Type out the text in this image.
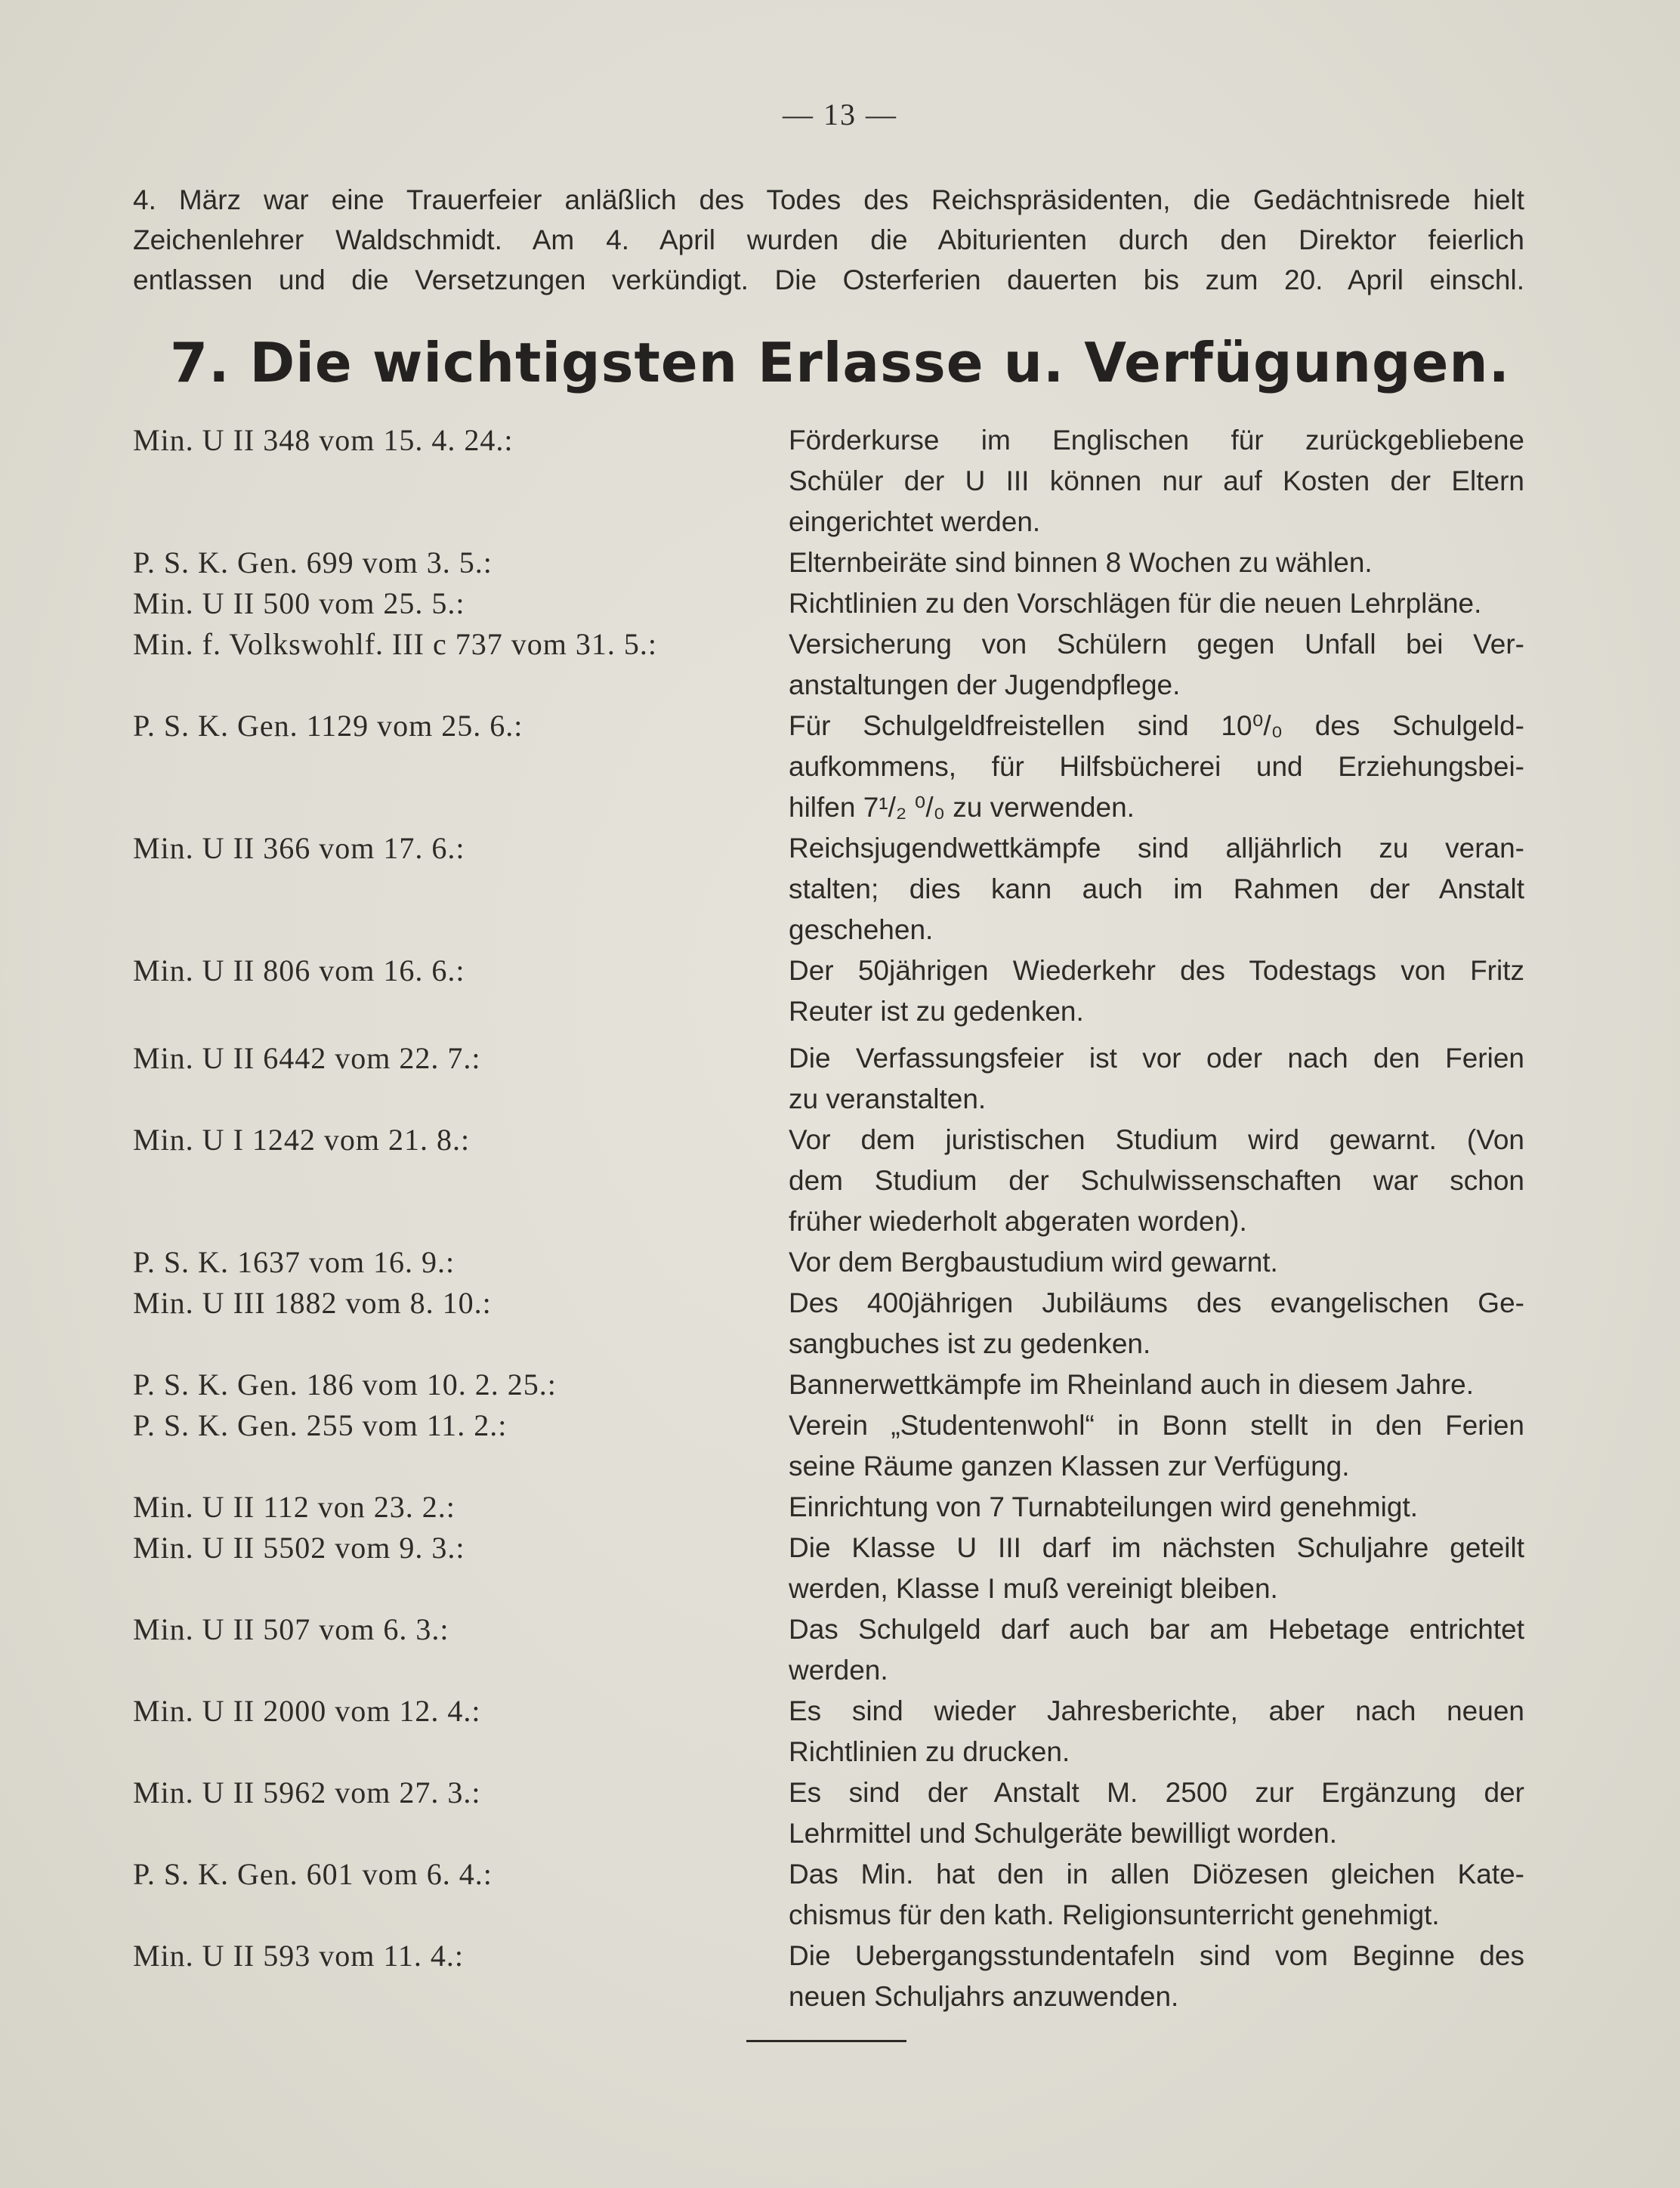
— 13 —
4. März war eine Trauerfeier anläßlich des Todes des Reichspräsidenten, die Gedächtnisrede hielt
Zeichenlehrer Waldschmidt. Am 4. April wurden die Abiturienten durch den Direktor feierlich
entlassen und die Versetzungen verkündigt. Die Osterferien dauerten bis zum 20. April einschl.
7. Die wichtigsten Erlasse u. Verfügungen.
Min. U II 348 vom 15. 4. 24.:	Förderkurse im Englischen für zurückgebliebene
Schüler der U III können nur auf Kosten der Eltern
eingerichtet werden.
P. S. K. Gen. 699 vom 3. 5.:	Elternbeiräte sind binnen 8 Wochen zu wählen.
Min. U II 500 vom 25. 5.:	Richtlinien zu den Vorschlägen für die neuen Lehrpläne.
Min. f. Volkswohlf. III c 737 vom 31. 5.:	Versicherung von Schülern gegen Unfall bei Ver-
anstaltungen der Jugendpflege.
P. S. K. Gen. 1129 vom 25. 6.:	Für Schulgeldfreistellen sind 10⁰/₀ des Schulgeld-
aufkommens, für Hilfsbücherei und Erziehungsbei-
hilfen 7¹/₂ ⁰/₀ zu verwenden.
Min. U II 366 vom 17. 6.:	Reichsjugendwettkämpfe sind alljährlich zu veran-
stalten; dies kann auch im Rahmen der Anstalt
geschehen.
Min. U II 806 vom 16. 6.:	Der 50jährigen Wiederkehr des Todestags von Fritz
Reuter ist zu gedenken.
Min. U II 6442 vom 22. 7.:	Die Verfassungsfeier ist vor oder nach den Ferien
zu veranstalten.
Min. U I 1242 vom 21. 8.:	Vor dem juristischen Studium wird gewarnt. (Von
dem Studium der Schulwissenschaften war schon
früher wiederholt abgeraten worden).
P. S. K. 1637 vom 16. 9.:	Vor dem Bergbaustudium wird gewarnt.
Min. U III 1882 vom 8. 10.:	Des 400jährigen Jubiläums des evangelischen Ge-
sangbuches ist zu gedenken.
P. S. K. Gen. 186 vom 10. 2. 25.:	Bannerwettkämpfe im Rheinland auch in diesem Jahre.
P. S. K. Gen. 255 vom 11. 2.:	Verein „Studentenwohl“ in Bonn stellt in den Ferien
seine Räume ganzen Klassen zur Verfügung.
Min. U II 112 von 23. 2.:	Einrichtung von 7 Turnabteilungen wird genehmigt.
Min. U II 5502 vom 9. 3.:	Die Klasse U III darf im nächsten Schuljahre geteilt
werden, Klasse I muß vereinigt bleiben.
Min. U II 507 vom 6. 3.:	Das Schulgeld darf auch bar am Hebetage entrichtet
werden.
Min. U II 2000 vom 12. 4.:	Es sind wieder Jahresberichte, aber nach neuen
Richtlinien zu drucken.
Min. U II 5962 vom 27. 3.:	Es sind der Anstalt M. 2500 zur Ergänzung der
Lehrmittel und Schulgeräte bewilligt worden.
P. S. K. Gen. 601 vom 6. 4.:	Das Min. hat den in allen Diözesen gleichen Kate-
chismus für den kath. Religionsunterricht genehmigt.
Min. U II 593 vom 11. 4.:	Die Uebergangsstundentafeln sind vom Beginne des
neuen Schuljahrs anzuwenden.
